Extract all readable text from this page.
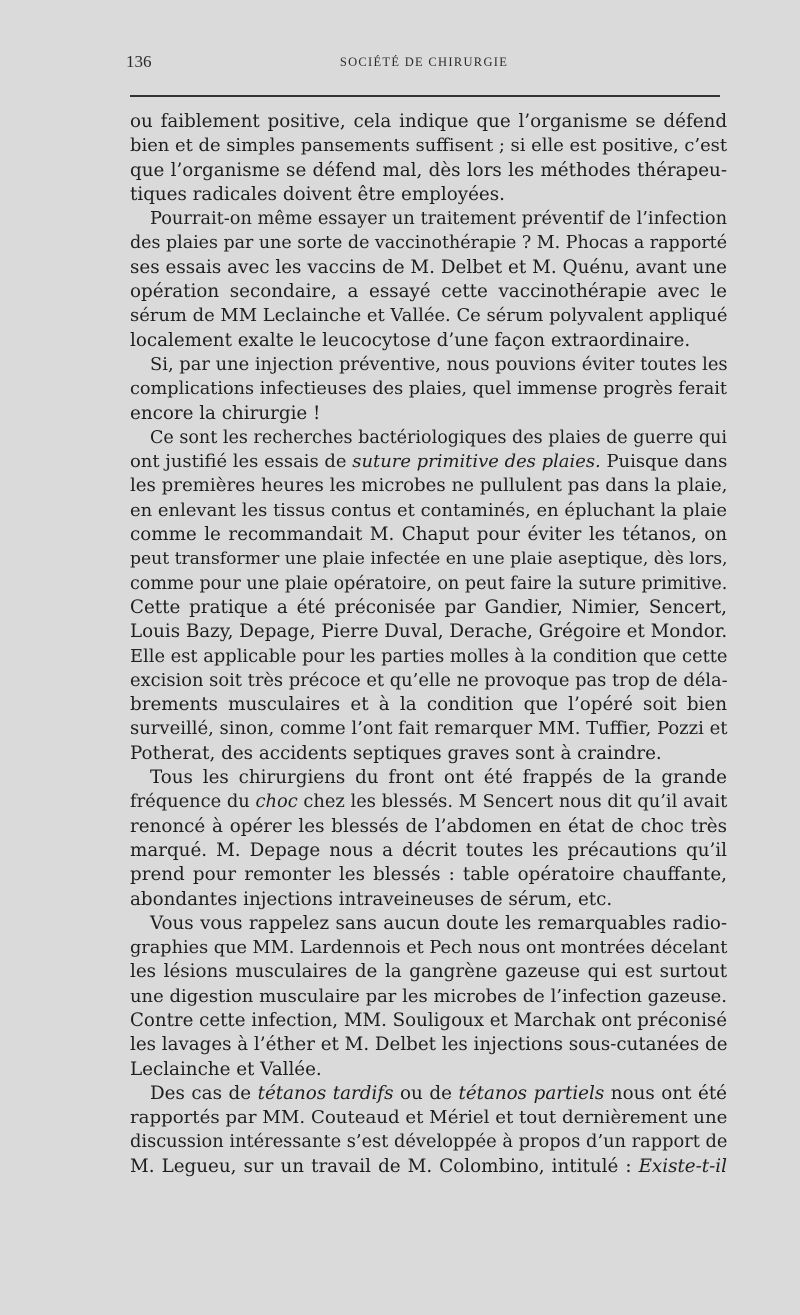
136	SOCIÉTÉ DE CHIRURGIE
ou faiblement positive, cela indique que l’organisme se défend
bien et de simples pansements suffisent ; si elle est positive, c’est
que l’organisme se défend mal, dès lors les méthodes thérapeu-
tiques radicales doivent être employées.
Pourrait-on même essayer un traitement préventif de l’infection
des plaies par une sorte de vaccinothérapie ? M. Phocas a rapporté
ses essais avec les vaccins de M. Delbet et M. Quénu, avant une
opération secondaire, a essayé cette vaccinothérapie avec le
sérum de MM Leclainche et Vallée. Ce sérum polyvalent appliqué
localement exalte le leucocytose d’une façon extraordinaire.
Si, par une injection préventive, nous pouvions éviter toutes les
complications infectieuses des plaies, quel immense progrès ferait
encore la chirurgie !
Ce sont les recherches bactériologiques des plaies de guerre qui
ont justifié les essais de suture primitive des plaies. Puisque dans
les premières heures les microbes ne pullulent pas dans la plaie,
en enlevant les tissus contus et contaminés, en épluchant la plaie
comme le recommandait M. Chaput pour éviter les tétanos, on
peut transformer une plaie infectée en une plaie aseptique, dès lors,
comme pour une plaie opératoire, on peut faire la suture primitive.
Cette pratique a été préconisée par Gandier, Nimier, Sencert,
Louis Bazy, Depage, Pierre Duval, Derache, Grégoire et Mondor.
Elle est applicable pour les parties molles à la condition que cette
excision soit très précoce et qu’elle ne provoque pas trop de déla-
brements musculaires et à la condition que l’opéré soit bien
surveillé, sinon, comme l’ont fait remarquer MM. Tuffier, Pozzi et
Potherat, des accidents septiques graves sont à craindre.
Tous les chirurgiens du front ont été frappés de la grande
fréquence du choc chez les blessés. M Sencert nous dit qu’il avait
renoncé à opérer les blessés de l’abdomen en état de choc très
marqué. M. Depage nous a décrit toutes les précautions qu’il
prend pour remonter les blessés : table opératoire chauffante,
abondantes injections intraveineuses de sérum, etc.
Vous vous rappelez sans aucun doute les remarquables radio-
graphies que MM. Lardennois et Pech nous ont montrées décelant
les lésions musculaires de la gangrène gazeuse qui est surtout
une digestion musculaire par les microbes de l’infection gazeuse.
Contre cette infection, MM. Souligoux et Marchak ont préconisé
les lavages à l’éther et M. Delbet les injections sous-cutanées de
Leclainche et Vallée.
Des cas de tétanos tardifs ou de tétanos partiels nous ont été
rapportés par MM. Couteaud et Mériel et tout dernièrement une
discussion intéressante s’est développée à propos d’un rapport de
M. Legueu, sur un travail de M. Colombino, intitulé : Existe-t-il
